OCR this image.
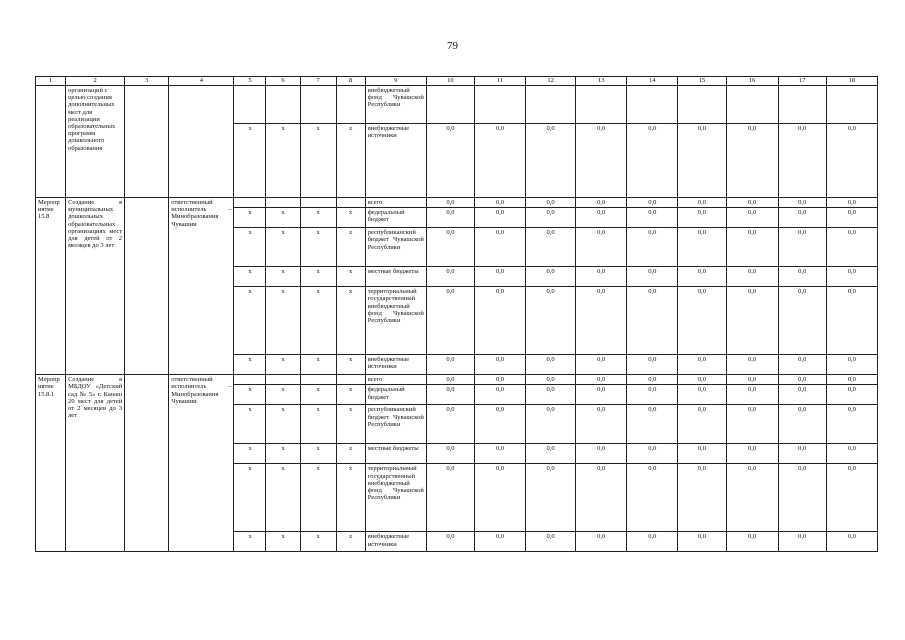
79
1	2	3	4	5	6	7	8	9	10	11	12	13	14	15	16	17	18
	организаций с целью создания дополнительных мест для реализации образовательных программ дошкольного образования							внебюджетный фонд Чувашской Республики									
				х	х	х	х	внебюджетные источники	0,0	0,0	0,0	0,0	0,0	0,0	0,0	0,0	0,0
Мероприятие 15.8	Создание в муниципальных дошкольных образовательных организациях мест для детей от 2 месяцев до 3 лет		ответственный исполнитель – Минобразования Чувашии					всего	0,0	0,0	0,0	0,0	0,0	0,0	0,0	0,0	0,0
				х	х	х	х	федеральный бюджет	0,0	0,0	0,0	0,0	0,0	0,0	0,0	0,0	0,0
				х	х	х	х	республиканский бюджет Чувашской Республики	0,0	0,0	0,0	0,0	0,0	0,0	0,0	0,0	0,0
				х	х	х	х	местные бюджеты	0,0	0,0	0,0	0,0	0,0	0,0	0,0	0,0	0,0
				х	х	х	х	территориальный государственный внебюджетный фонд Чувашской Республики	0,0	0,0	0,0	0,0	0,0	0,0	0,0	0,0	0,0
				х	х	х	х	внебюджетные источники	0,0	0,0	0,0	0,0	0,0	0,0	0,0	0,0	0,0
Мероприятие 15.8.1	Создание в МБДОУ «Детский сад № 5» г. Канаш 20 мест для детей от 2 месяцев до 3 лет		ответственный исполнитель – Минобразования Чувашии					всего	0,0	0,0	0,0	0,0	0,0	0,0	0,0	0,0	0,0
				х	х	х	х	федеральный бюджет	0,0	0,0	0,0	0,0	0,0	0,0	0,0	0,0	0,0
				х	х	х	х	республиканский бюджет Чувашской Республики	0,0	0,0	0,0	0,0	0,0	0,0	0,0	0,0	0,0
				х	х	х	х	местные бюджеты	0,0	0,0	0,0	0,0	0,0	0,0	0,0	0,0	0,0
				х	х	х	х	территориальный государственный внебюджетный фонд Чувашской Республики	0,0	0,0	0,0	0,0	0,0	0,0	0,0	0,0	0,0
				х	х	х	х	внебюджетные источники	0,0	0,0	0,0	0,0	0,0	0,0	0,0	0,0	0,0
